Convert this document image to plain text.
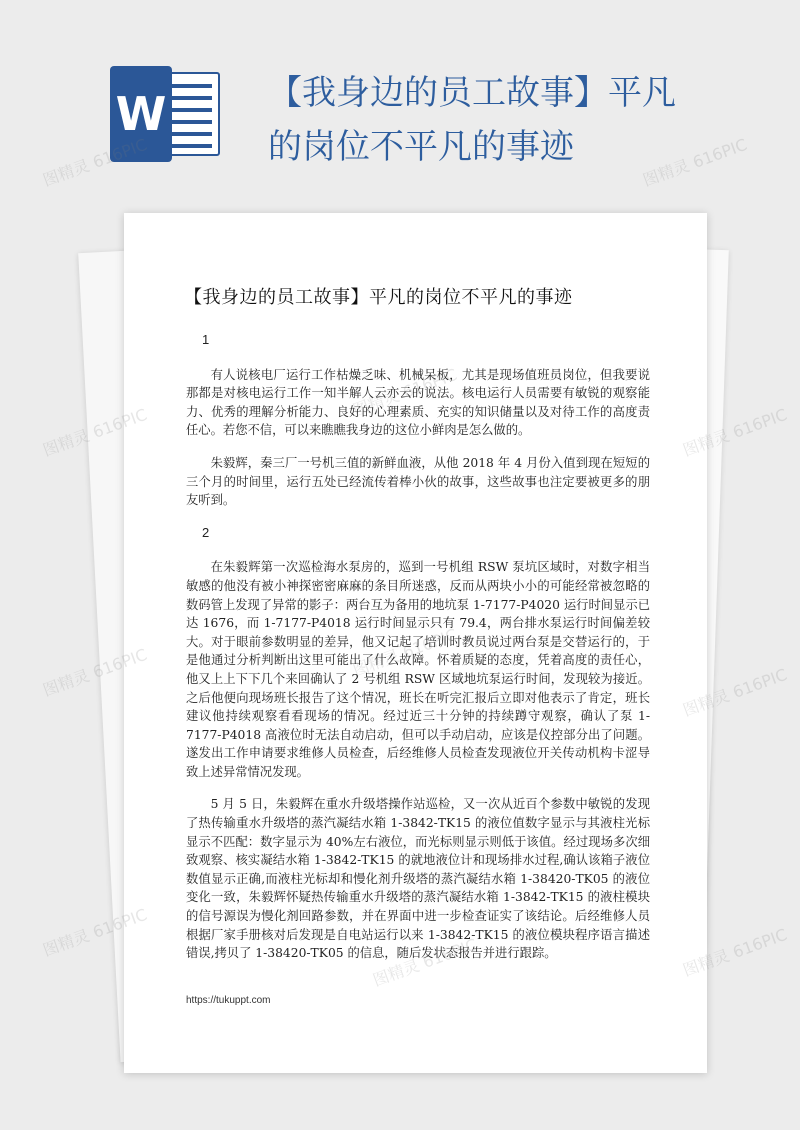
W	【我身边的员工故事】平凡的岗位不平凡的事迹
【我身边的员工故事】平凡的岗位不平凡的事迹
1

有人说核电厂运行工作枯燥乏味、机械呆板，尤其是现场值班员岗位，但我要说那都是对核电运行工作一知半解人云亦云的说法。核电运行人员需要有敏锐的观察能力、优秀的理解分析能力、良好的心理素质、充实的知识储量以及对待工作的高度责任心。若您不信，可以来瞧瞧我身边的这位小鲜肉是怎么做的。

朱毅辉，秦三厂一号机三值的新鲜血液，从他 2018 年 4 月份入值到现在短短的三个月的时间里，运行五处已经流传着棒小伙的故事，这些故事也注定要被更多的朋友听到。

2

在朱毅辉第一次巡检海水泵房的，巡到一号机组 RSW 泵坑区域时，对数字相当敏感的他没有被小神探密密麻麻的条目所迷惑，反而从两块小小的可能经常被忽略的数码管上发现了异常的影子：两台互为备用的地坑泵 1-7177-P4020 运行时间显示已达 1676，而 1-7177-P4018 运行时间显示只有 79.4，两台排水泵运行时间偏差较大。对于眼前参数明显的差异，他又记起了培训时教员说过两台泵是交替运行的，于是他通过分析判断出这里可能出了什么故障。怀着质疑的态度，凭着高度的责任心，他又上上下下几个来回确认了 2 号机组 RSW 区域地坑泵运行时间，发现较为接近。之后他便向现场班长报告了这个情况，班长在听完汇报后立即对他表示了肯定，班长建议他持续观察看看现场的情况。经过近三十分钟的持续蹲守观察，确认了泵 1-7177-P4018 高液位时无法自动启动，但可以手动启动，应该是仪控部分出了问题。遂发出工作申请要求维修人员检查，后经维修人员检查发现液位开关传动机构卡涩导致上述异常情况发现。

5 月 5 日，朱毅辉在重水升级塔操作站巡检，又一次从近百个参数中敏锐的发现了热传输重水升级塔的蒸汽凝结水箱 1-3842-TK15 的液位值数字显示与其液柱光标显示不匹配：数字显示为 40%左右液位，而光标则显示则低于该值。经过现场多次细致观察、核实凝结水箱 1-3842-TK15 的就地液位计和现场排水过程,确认该箱子液位数值显示正确,而液柱光标却和慢化剂升级塔的蒸汽凝结水箱 1-38420-TK05 的液位变化一致，朱毅辉怀疑热传输重水升级塔的蒸汽凝结水箱 1-3842-TK15 的液柱模块的信号源误为慢化剂回路参数，并在界面中进一步检查证实了该结论。后经维修人员根据厂家手册核对后发现是自电站运行以来 1-3842-TK15 的液位模块程序语言描述错误,拷贝了 1-38420-TK05 的信息，随后发状态报告并进行跟踪。

https://tukuppt.com
图精灵 616PIC	图精灵 616PIC
图精灵	图精灵 616PIC
图精灵 616PIC	图精灵 616PIC
图精灵 616PIC	图精灵 616PIC
